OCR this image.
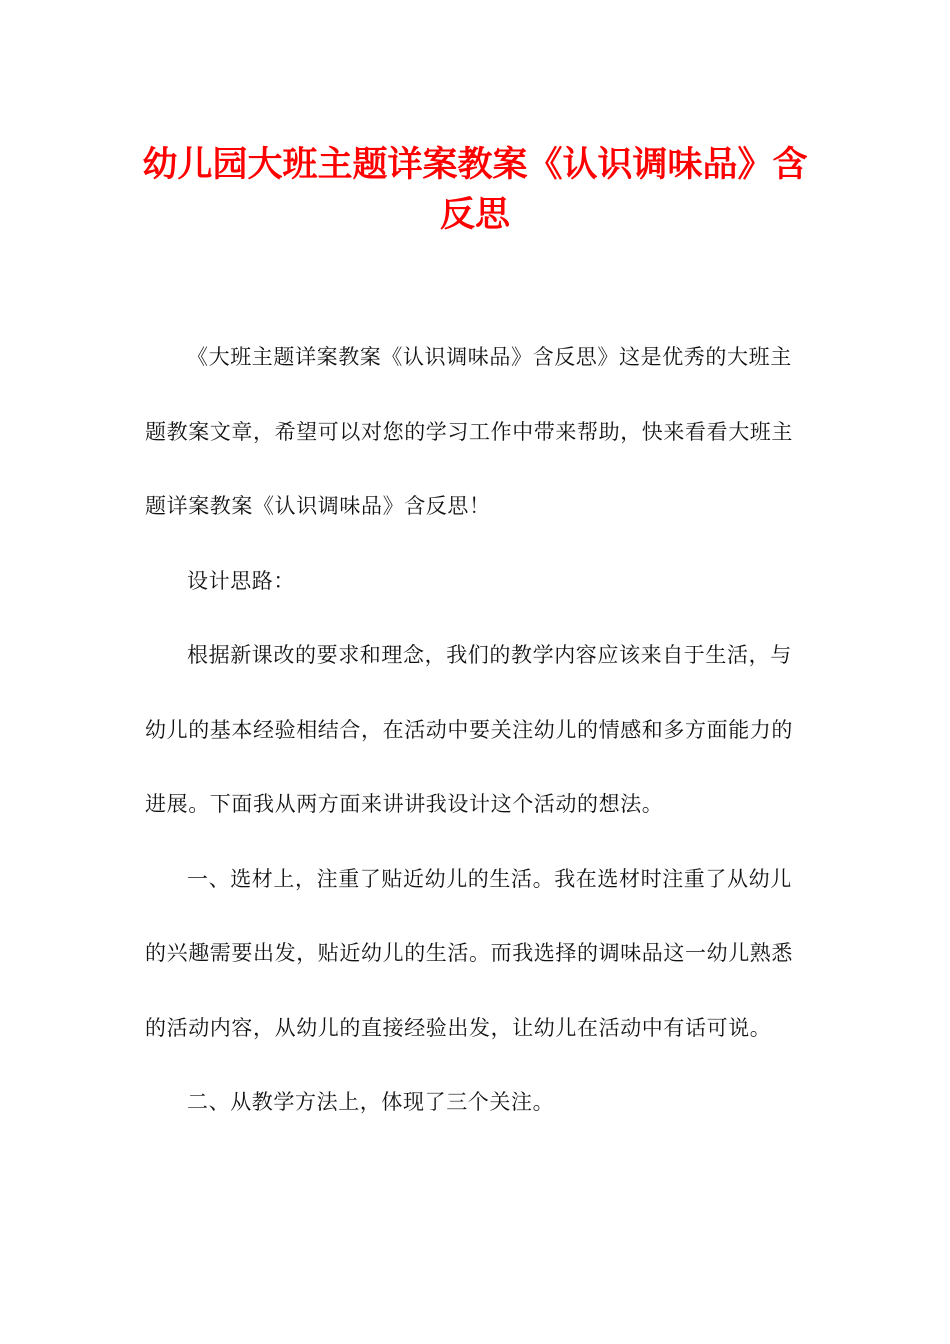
幼儿园大班主题详案教案《认识调味品》含反思

《大班主题详案教案《认识调味品》含反思》这是优秀的大班主题教案文章，希望可以对您的学习工作中带来帮助，快来看看大班主题详案教案《认识调味品》含反思！

设计思路：

根据新课改的要求和理念，我们的教学内容应该来自于生活，与幼儿的基本经验相结合，在活动中要关注幼儿的情感和多方面能力的进展。下面我从两方面来讲讲我设计这个活动的想法。

一、选材上，注重了贴近幼儿的生活。我在选材时注重了从幼儿的兴趣需要出发，贴近幼儿的生活。而我选择的调味品这一幼儿熟悉的活动内容，从幼儿的直接经验出发，让幼儿在活动中有话可说。

二、从教学方法上，体现了三个关注。
